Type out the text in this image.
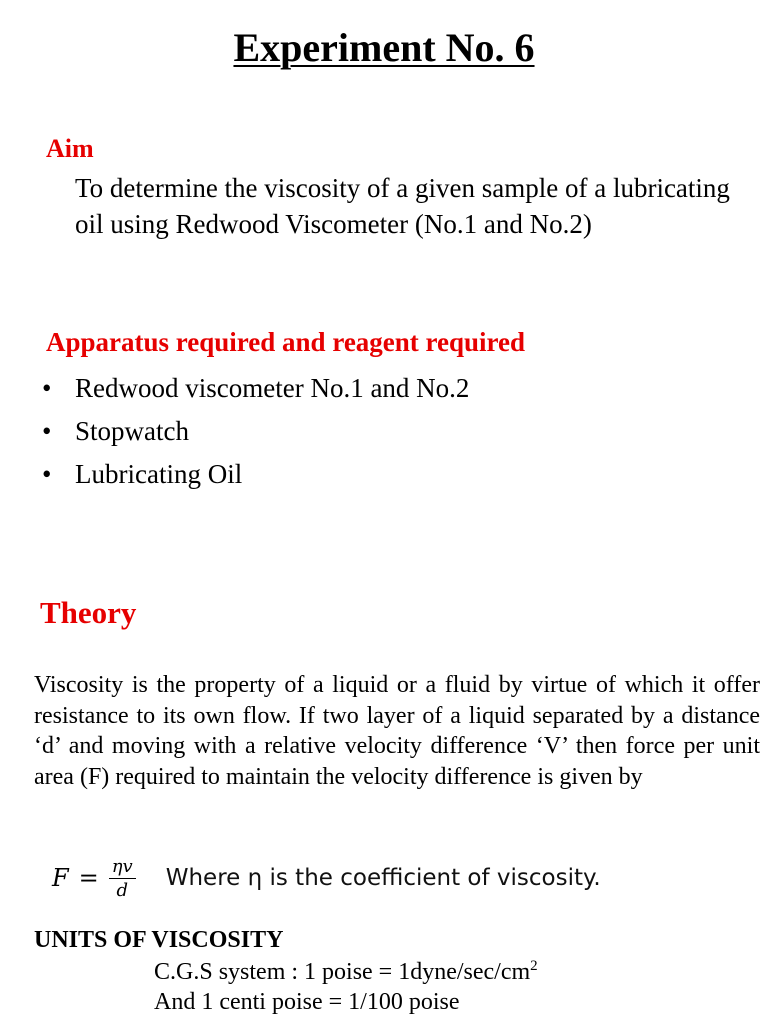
Experiment No. 6
Aim
To determine the viscosity of a given sample of a lubricating oil using Redwood Viscometer (No.1 and No.2)
Apparatus required and reagent required
• Redwood viscometer No.1 and No.2
• Stopwatch
• Lubricating Oil
Theory
Viscosity is the property of a liquid or a fluid by virtue of which it offer resistance to its own flow. If two layer of a liquid separated by a distance ‘d’ and moving with a relative velocity difference ‘V’ then force per unit area (F) required to maintain the velocity difference is given by
$F = \frac{\eta v}{d}$ Where η is the coefficient of viscosity.
UNITS OF VISCOSITY
C.G.S system : 1 poise = $1dyne/\sec/cm^2$
And 1 centi poise = 1/100 poise
